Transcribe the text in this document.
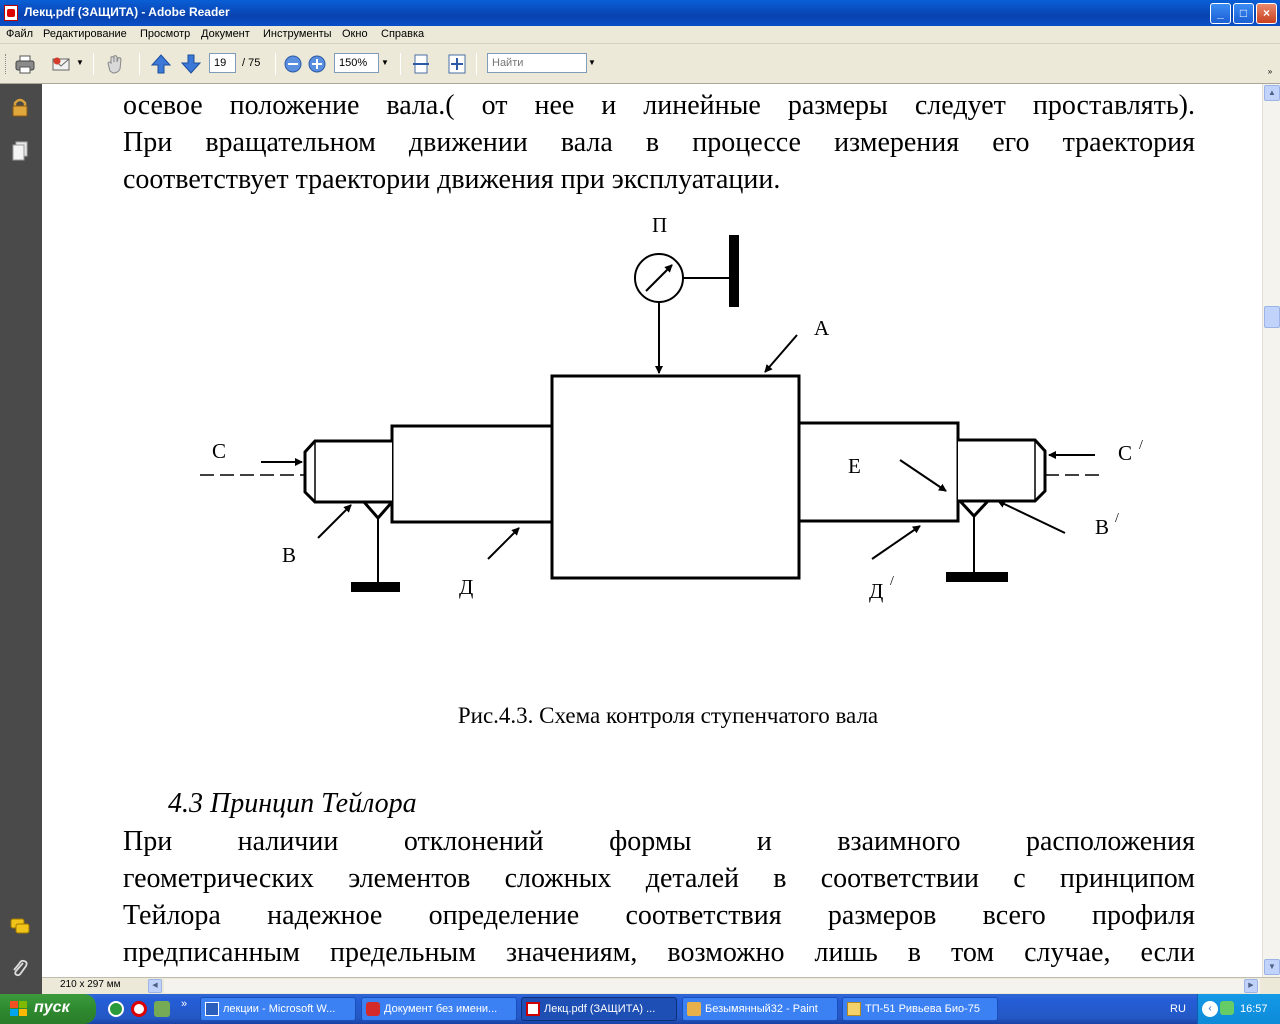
Лекц.pdf (ЗАЩИТА) - Adobe Reader	_	□	×
Файл Редактирование Просмотр Документ Инструменты Окно Справка
▼	19	/ 75	150%	▼
Найти	▼
»
осевое положение вала.( от нее и линейные размеры следует проставлять).
При вращательном движении вала в процессе измерения его траектория
соответствует траектории движения при эксплуатации.
П
А
С	С /
Е
В
В /
Д	Д /
Рис.4.3. Схема контроля ступенчатого вала
4.3 Принцип Тейлора
При наличии отклонений формы и взаимного расположения
геометрических элементов сложных деталей в соответствии с принципом
Тейлора надежное определение соответствия размеров всего профиля
предписанным предельным значениям, возможно лишь в том случае, если
▲
▼
210 x 297 мм	◀	▶
пуск	»	лекции - Microsoft W...	Документ без имени...	Лекц.pdf (ЗАЩИТА) ...	Безымянный32 - Paint	ТП-51 Ривьева Био-75	RU	‹	16:57
